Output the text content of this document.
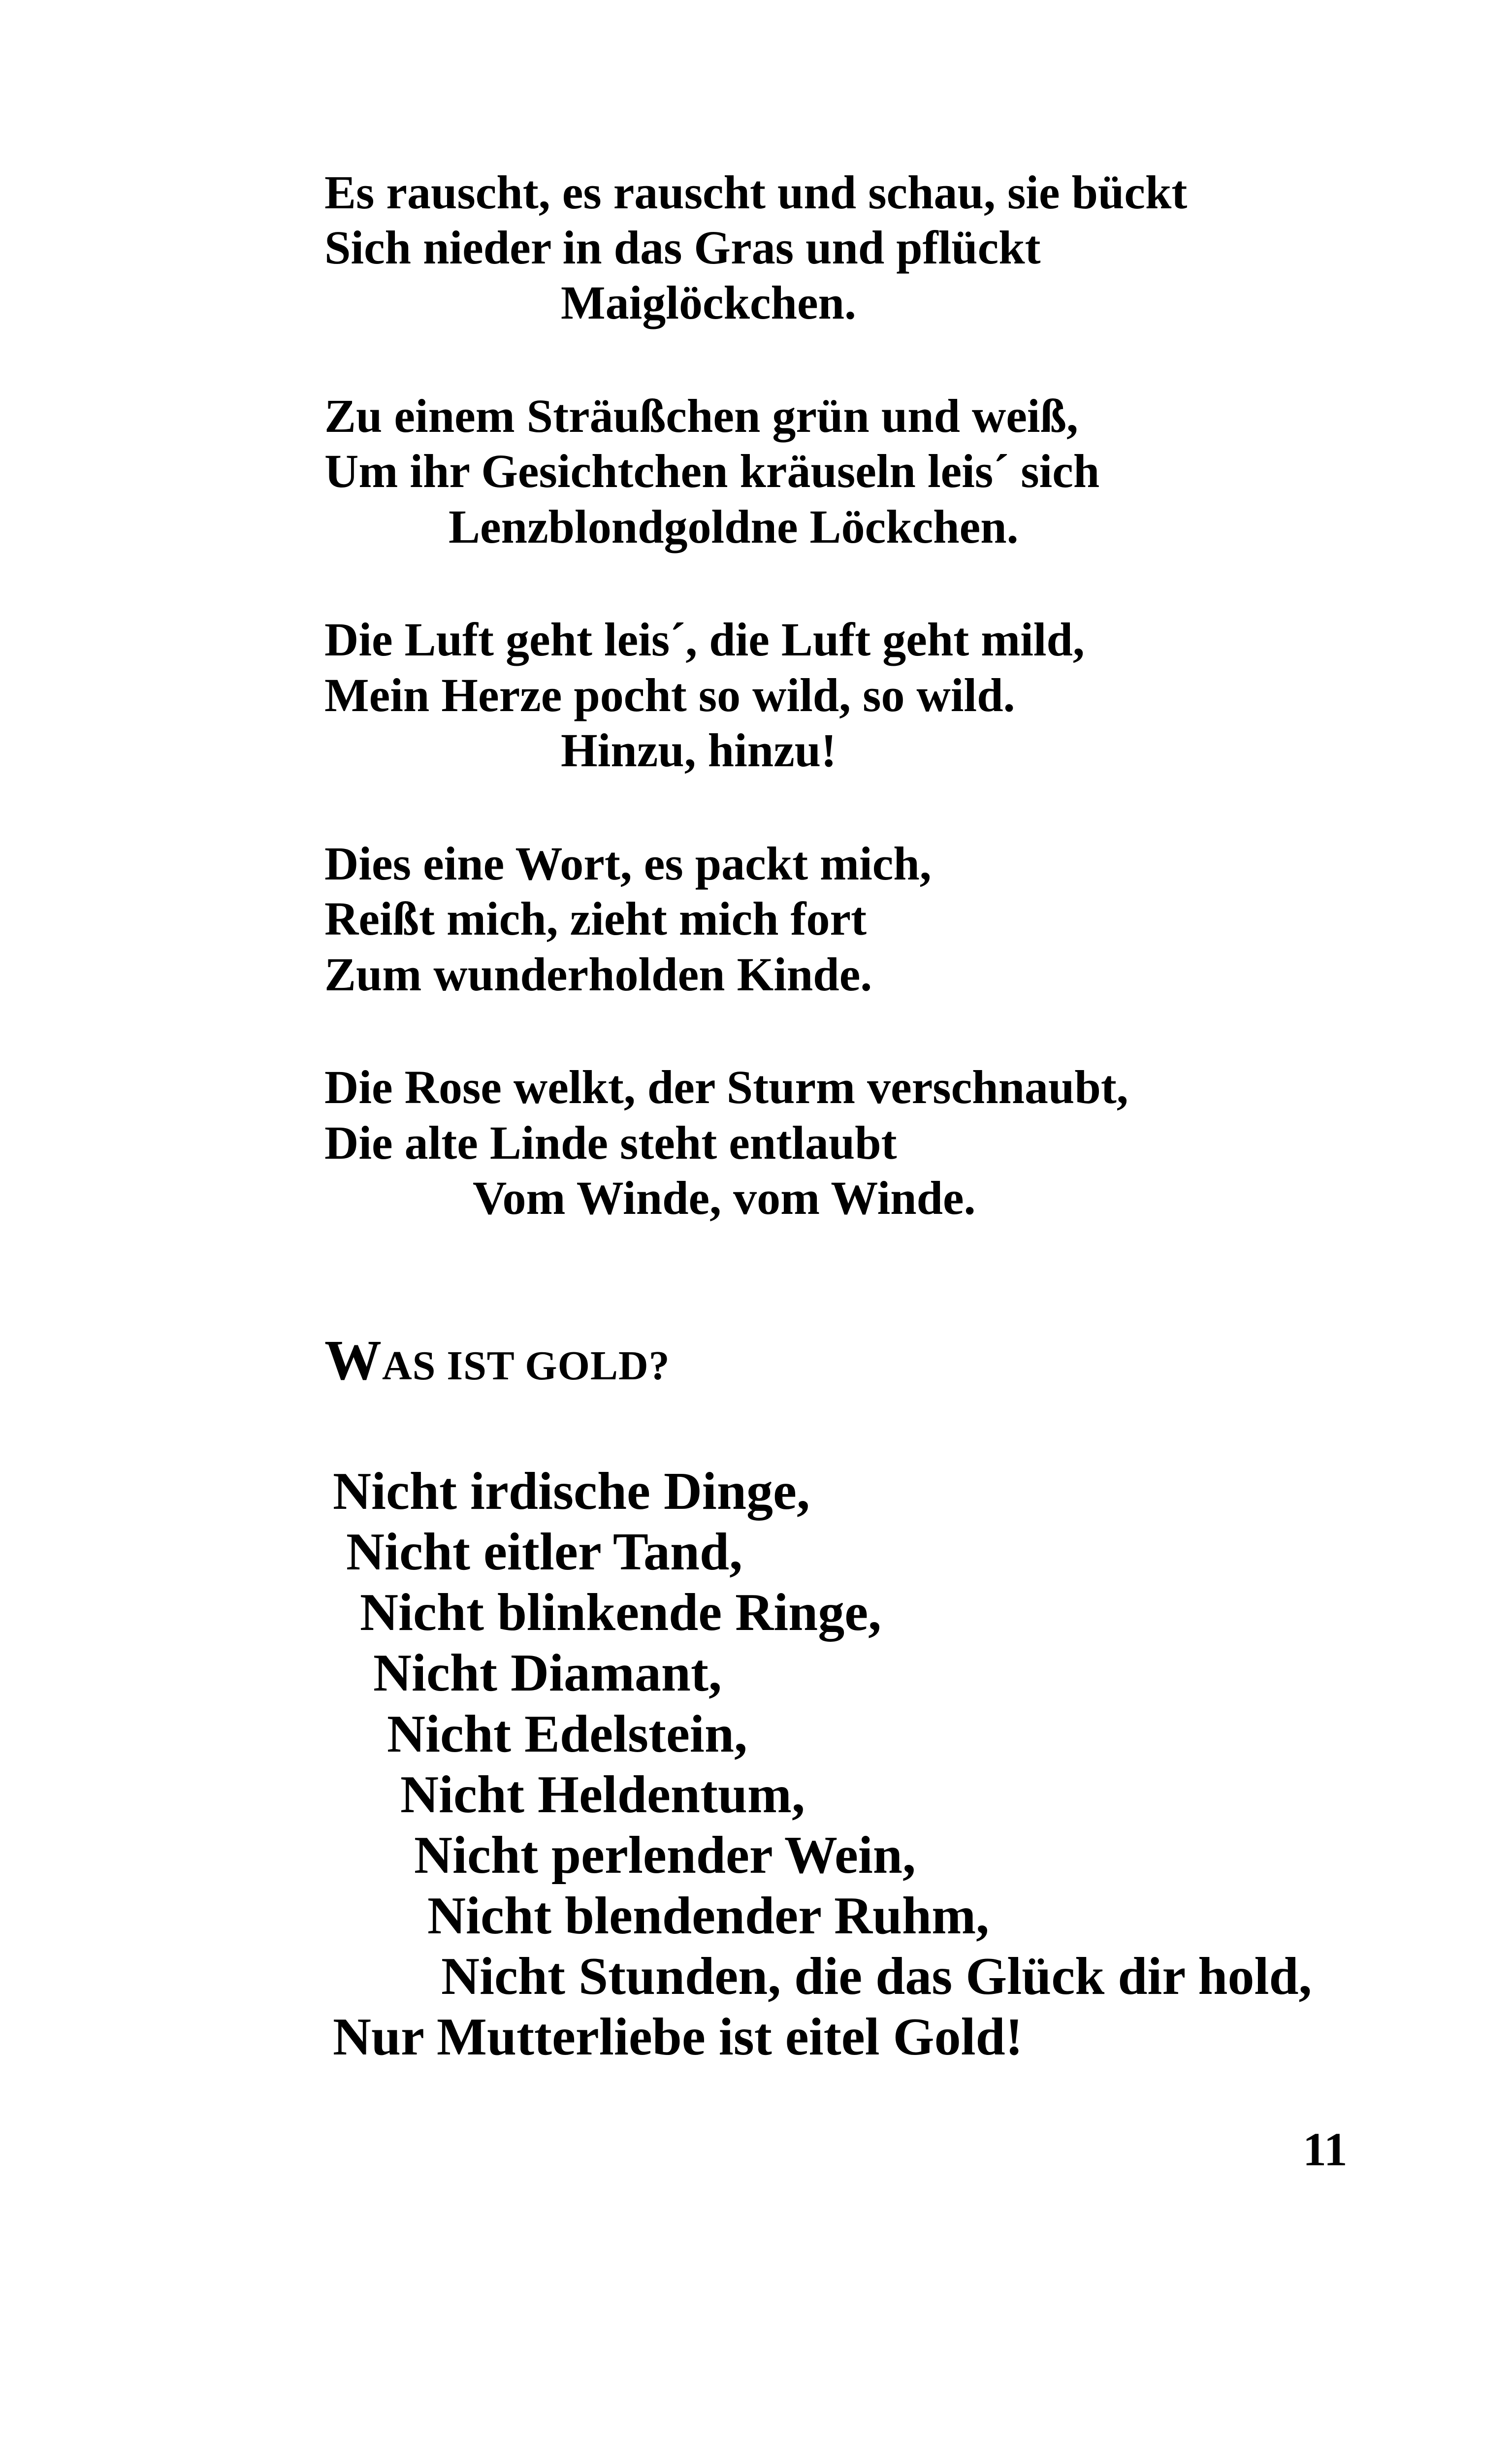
Es rauscht, es rauscht und schau, sie bückt
Sich nieder in das Gras und pflückt
Maiglöckchen.
Zu einem Sträußchen grün und weiß,
Um ihr Gesichtchen kräuseln leis´ sich
Lenzblondgoldne Löckchen.
Die Luft geht leis´, die Luft geht mild,
Mein Herze pocht so wild, so wild.
Hinzu, hinzu!
Dies eine Wort, es packt mich,
Reißt mich, zieht mich fort
Zum wunderholden Kinde.
Die Rose welkt, der Sturm verschnaubt,
Die alte Linde steht entlaubt
Vom Winde, vom Winde.
WAS IST GOLD?
Nicht irdische Dinge,
Nicht eitler Tand,
Nicht blinkende Ringe,
Nicht Diamant,
Nicht Edelstein,
Nicht Heldentum,
Nicht perlender Wein,
Nicht blendender Ruhm,
Nicht Stunden, die das Glück dir hold,
Nur Mutterliebe ist eitel Gold!
11
